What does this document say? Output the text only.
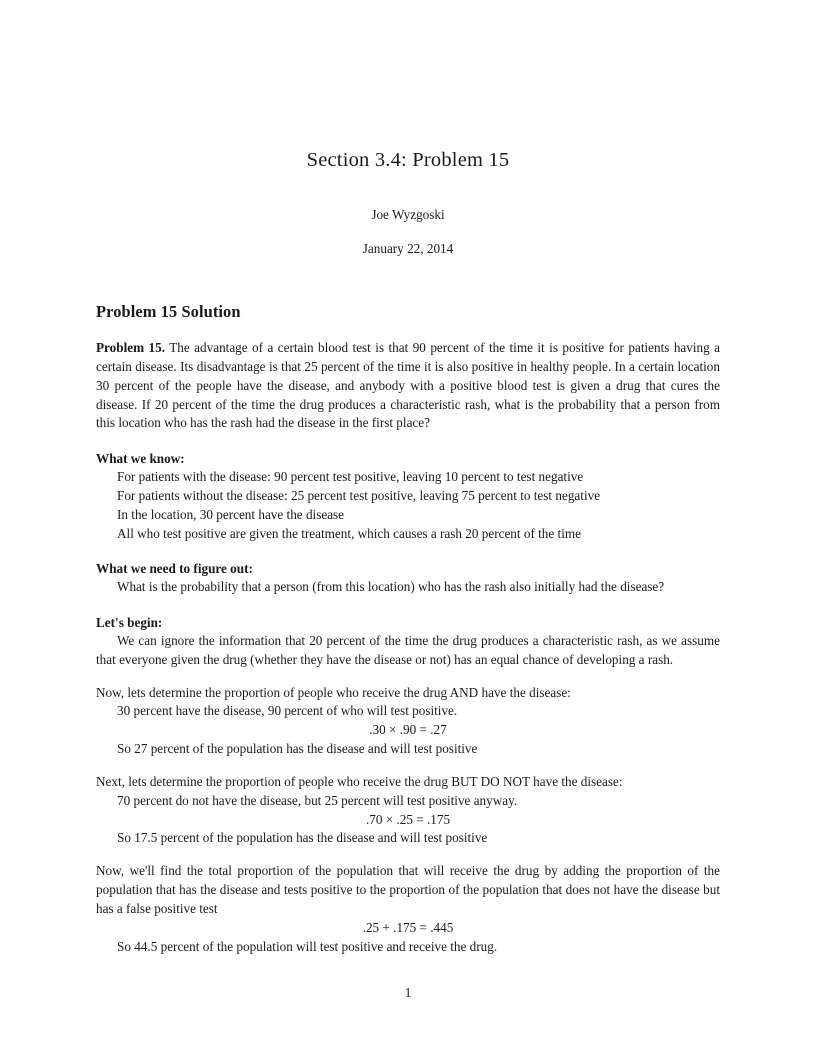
Section 3.4: Problem 15

Joe Wyzgoski

January 22, 2014

Problem 15 Solution

Problem 15. The advantage of a certain blood test is that 90 percent of the time it is positive for patients having a certain disease. Its disadvantage is that 25 percent of the time it is also positive in healthy people. In a certain location 30 percent of the people have the disease, and anybody with a positive blood test is given a drug that cures the disease. If 20 percent of the time the drug produces a characteristic rash, what is the probability that a person from this location who has the rash had the disease in the first place?

What we know:

For patients with the disease: 90 percent test positive, leaving 10 percent to test negative

For patients without the disease: 25 percent test positive, leaving 75 percent to test negative

In the location, 30 percent have the disease

All who test positive are given the treatment, which causes a rash 20 percent of the time

What we need to figure out:

What is the probability that a person (from this location) who has the rash also initially had the disease?

Let's begin:

We can ignore the information that 20 percent of the time the drug produces a characteristic rash, as we assume that everyone given the drug (whether they have the disease or not) has an equal chance of developing a rash.

Now, lets determine the proportion of people who receive the drug AND have the disease:

30 percent have the disease, 90 percent of who will test positive.

.30 × .90 = .27

So 27 percent of the population has the disease and will test positive

Next, lets determine the proportion of people who receive the drug BUT DO NOT have the disease:

70 percent do not have the disease, but 25 percent will test positive anyway.

.70 × .25 = .175

So 17.5 percent of the population has the disease and will test positive

Now, we'll find the total proportion of the population that will receive the drug by adding the proportion of the population that has the disease and tests positive to the proportion of the population that does not have the disease but has a false positive test

.25 + .175 = .445

So 44.5 percent of the population will test positive and receive the drug.

1
